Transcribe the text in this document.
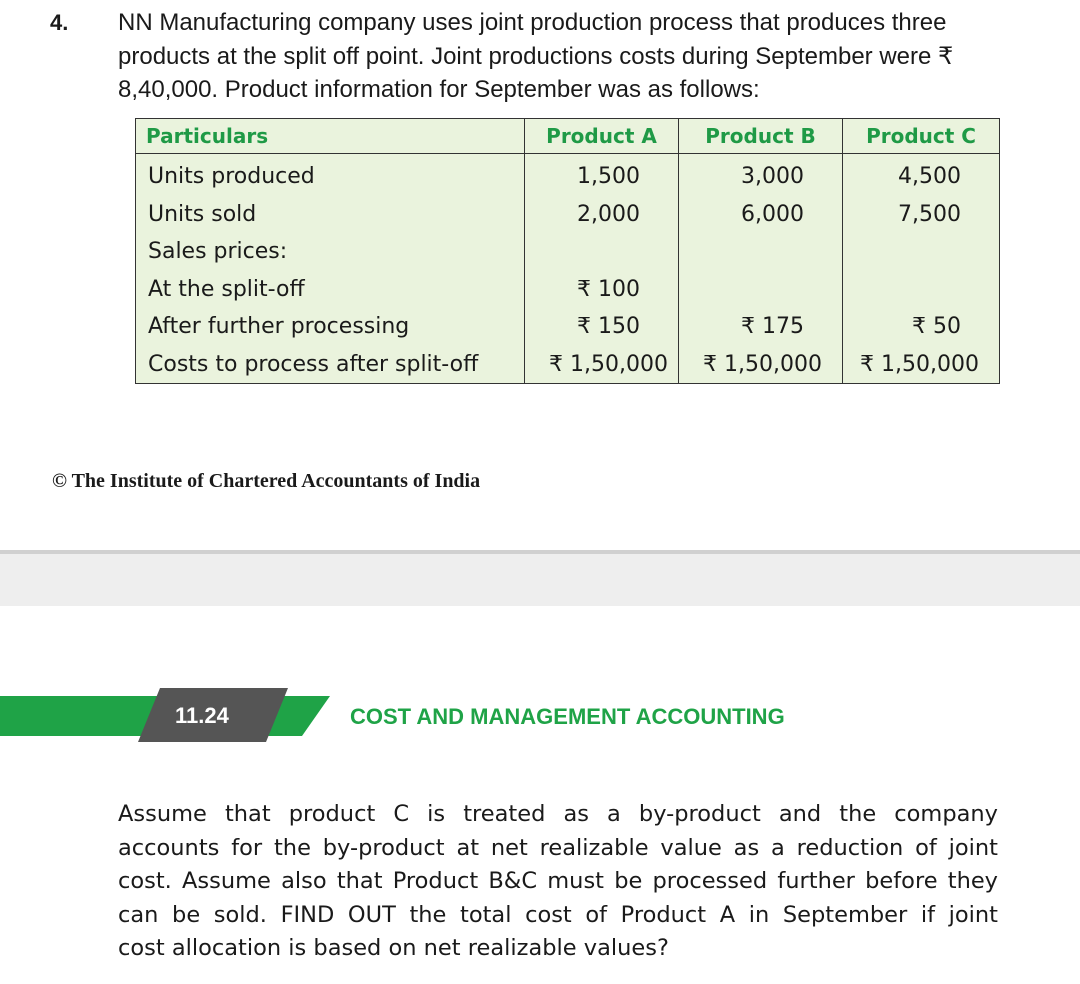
4. NN Manufacturing company uses joint production process that produces three
products at the split off point. Joint productions costs during September were ₹
8,40,000. Product information for September was as follows:

Particulars	Product A	Product B	Product C
Units produced	1,500	3,000	4,500
Units sold	2,000	6,000	7,500
Sales prices:			
At the split-off	₹ 100		
After further processing	₹ 150	₹ 175	₹ 50
Costs to process after split-off	₹ 1,50,000	₹ 1,50,000	₹ 1,50,000
© The Institute of Chartered Accountants of India
11.24	COST AND MANAGEMENT ACCOUNTING

Assume that product C is treated as a by-product and the company
accounts for the by-product at net realizable value as a reduction of joint
cost. Assume also that Product B&C must be processed further before they
can be sold. FIND OUT the total cost of Product A in September if joint
cost allocation is based on net realizable values?
